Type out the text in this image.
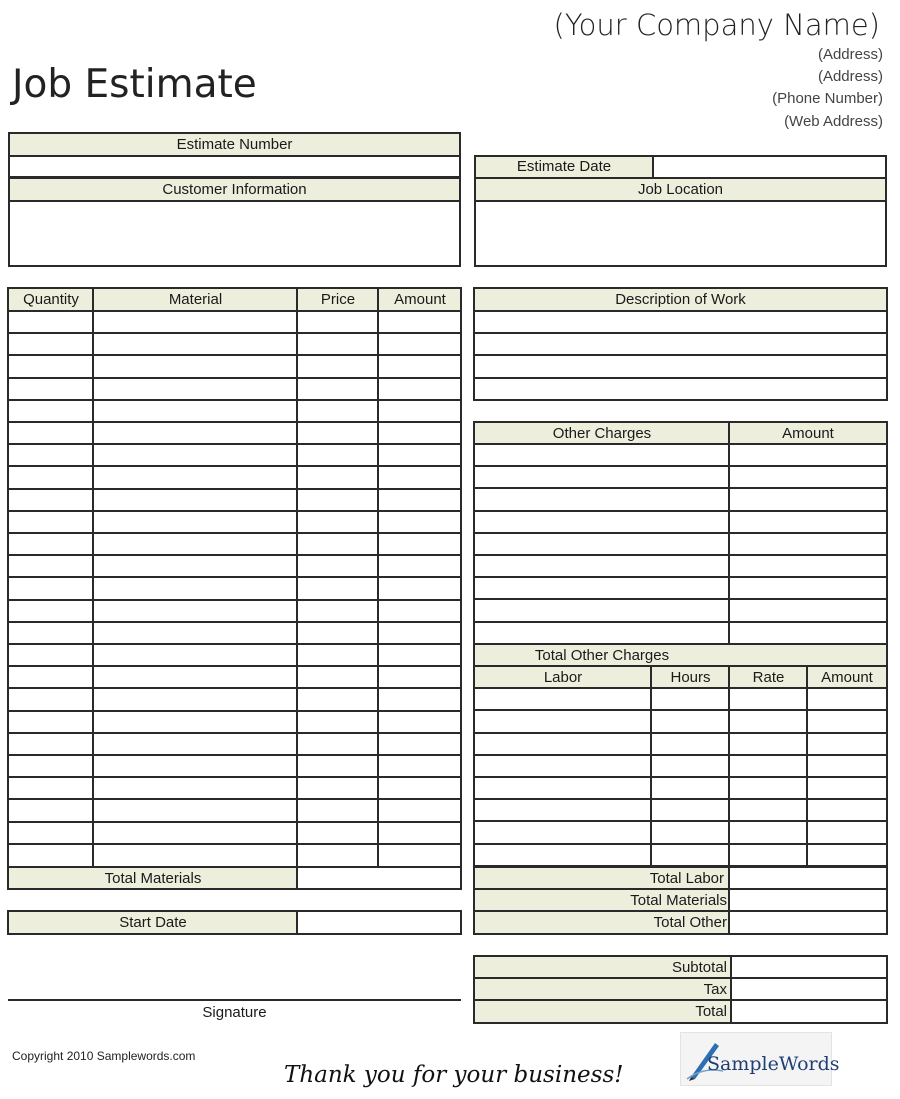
(Your Company Name)
(Address)
(Address)
(Phone Number)
(Web Address)
Job Estimate
Estimate Number
Customer Information
Estimate Date
Job Location
Quantity	Material	Price	Amount
Total Materials
Description of Work
Other Charges	Amount
Total Other Charges
Labor	Hours	Rate	Amount
Total Labor
Total Materials
Total Other
Start Date
Subtotal
Tax
Total
Signature
Copyright 2010 Samplewords.com
Thank you for your business!	SampleWords
